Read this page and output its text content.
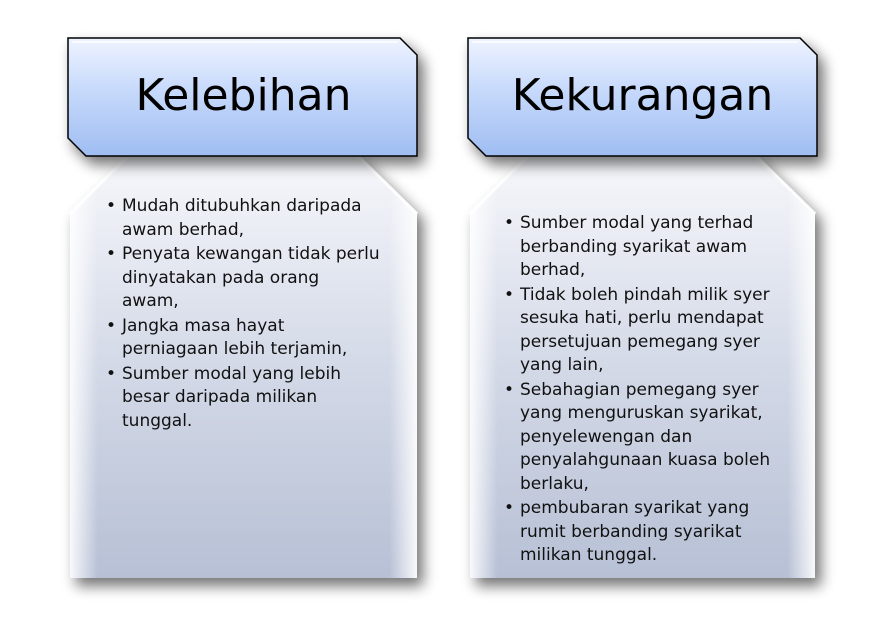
Kelebihan	Kekurangan
• Mudah ditubuhkan daripada awam berhad,
• Penyata kewangan tidak perlu dinyatakan pada orang awam,
• Jangka masa hayat perniagaan lebih terjamin,
• Sumber modal yang lebih besar daripada milikan tunggal.
• Sumber modal yang terhad berbanding syarikat awam berhad,
• Tidak boleh pindah milik syer sesuka hati, perlu mendapat persetujuan pemegang syer yang lain,
• Sebahagian pemegang syer yang menguruskan syarikat, penyelewengan dan penyalahgunaan kuasa boleh berlaku,
• pembubaran syarikat yang rumit berbanding syarikat milikan tunggal.
